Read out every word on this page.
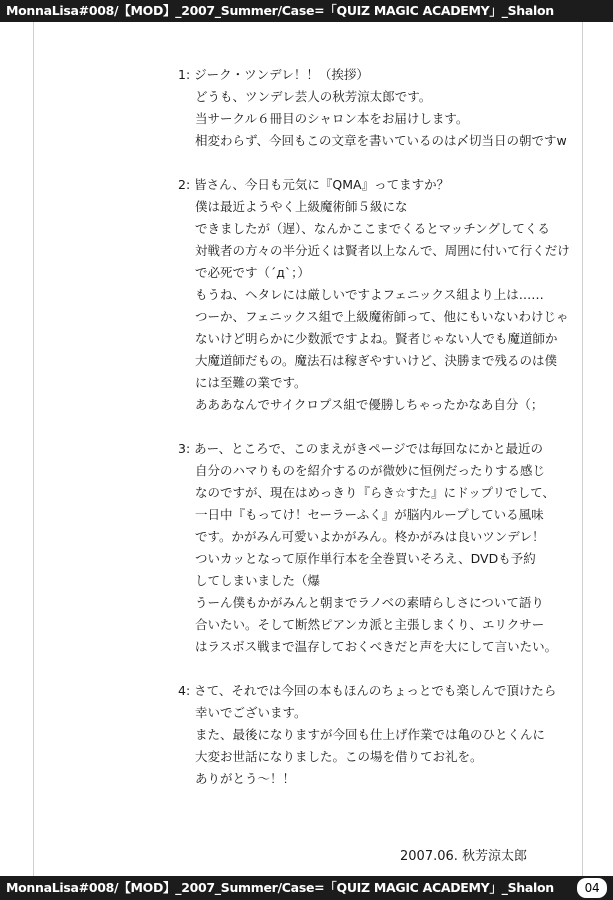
MonnaLisa#008/【MOD】_2007_Summer/Case=「QUIZ MAGIC ACADEMY」_Shalon
1: ジーク・ツンデレ！！（挨拶）
どうも、ツンデレ芸人の秋芳涼太郎です。
当サークル６冊目のシャロン本をお届けします。
相変わらず、今回もこの文章を書いているのは〆切当日の朝ですw
2: 皆さん、今日も元気に『QMA』ってますか？
僕は最近ようやく上級魔術師５級にな
できましたが（遅）、なんかここまでくるとマッチングしてくる
対戦者の方々の半分近くは賢者以上なんで、周囲に付いて行くだけ
で必死です（´д`；）
もうね、ヘタレには厳しいですよフェニックス組より上は……
つーか、フェニックス組で上級魔術師って、他にもいないわけじゃ
ないけど明らかに少数派ですよね。賢者じゃない人でも魔道師か
大魔道師だもの。魔法石は稼ぎやすいけど、決勝まで残るのは僕
には至難の業です。
あああなんでサイクロプス組で優勝しちゃったかなあ自分（；
3: あー、ところで、このまえがきページでは毎回なにかと最近の
自分のハマりものを紹介するのが微妙に恒例だったりする感じ
なのですが、現在はめっきり『らき☆すた』にドップリでして、
一日中『もってけ！セーラーふく』が脳内ループしている風味
です。かがみん可愛いよかがみん。柊かがみは良いツンデレ！
ついカッとなって原作単行本を全巻買いそろえ、DVDも予約
してしまいました（爆
うーん僕もかがみんと朝までラノベの素晴らしさについて語り
合いたい。そして断然ピアンカ派と主張しまくり、エリクサー
はラスボス戦まで温存しておくべきだと声を大にして言いたい。
4: さて、それでは今回の本もほんのちょっとでも楽しんで頂けたら
幸いでございます。
また、最後になりますが今回も仕上げ作業では亀のひとくんに
大変お世話になりました。この場を借りてお礼を。
ありがとう～！！
2007.06. 秋芳涼太郎
MonnaLisa#008/【MOD】_2007_Summer/Case=「QUIZ MAGIC ACADEMY」_Shalon	04
